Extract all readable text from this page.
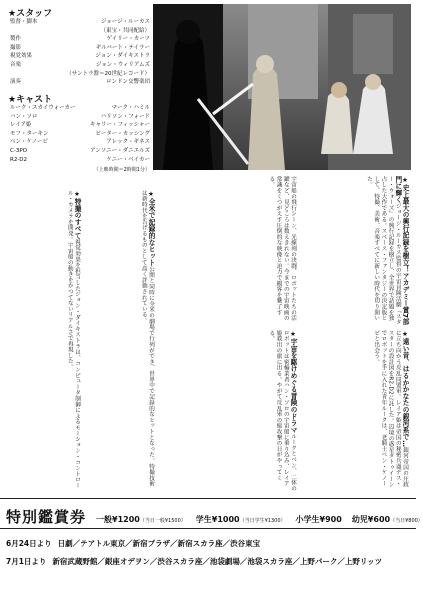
★スタッフ
監督・脚本	ジョージ・ルーカス
（東宝・共同配給）
製作	ゲイリー・カーツ
撮影	ギルバート・テイラー
視覚効果	ジョン・ダイキストラ
音楽	ジョン・ウィリアムズ
（サントラ盤＝20世紀レコード）
演奏	ロンドン交響楽団
★キャスト
ルーク・スカイウォーカー	マーク・ハミル
ハン・ソロ	ハリソン・フォード
レイア姫	キャリー・フィッシャー
モフ・ターキン	ピーター・カッシング
ベン・ケノービ	アレック・ギネス
C-3PO	アンソニー・ダニエルズ
R2-D2	ケニー・ベイカー
（上映時間＝2時間1分）
★史上最大の興行記録を樹立！アカデミー賞7部門に輝くジョージ・ルーカス監督の宇宙冒険活劇『スター・ウォーズ』の興行記録を樹立し、全世界で話題を独占した大作である。スペース・ファンタジーの決定版として、特撮、美術、音楽すべてに新しい時代を切り開いた。
宇宙船の飛行シーン、光線剣の決闘、ロボットたちの活躍など、見どころは数えきれない。今までの宇宙映画の常識をくつがえす圧倒的な映像と迫力で観客を魅了する。
★遠い昔、はるかかなたの銀河系で…銀河帝国の圧政に立ち向かう反乱同盟軍。レイア姫は帝国の秘密兵器デス・スターの設計図をR2-D2に託した。辺境の惑星タトゥイーンでロボットを手に入れた青年ルークは、老騎士ベン・ケノービと出会う。
★宇宙を駆けめぐる冒険のドラマルークとベン、二体のロボットは密輸業者ハン・ソロの宇宙船に乗り込み、レイア姫救出の旅に出る。やがて反乱軍の総攻撃の日がやってくる。
★全米で記録的なヒット公開と同時に全米の劇場で行列ができ、世界中で記録的なヒットとなった。特撮技術は新時代を告げるものとして高く評価されている。
★特撮のすべて視覚効果を担当したジョン・ダイキストラは、コンピュータ制御によるモーション・コントロール・カメラを開発。宇宙船の動きをかつてないリアルさで再現した。
特別鑑賞券 一般¥1200（当日一般¥1500） 学生¥1000（当日学生¥1300） 小学生¥900 幼児¥600（当日¥800）
6月24日より 日劇／テアトル東京／新宿プラザ／新宿スカラ座／渋谷東宝
7月1日より 新宿武蔵野館／銀座オデヲン／渋谷スカラ座／池袋劇場／池袋スカラ座／上野パーク／上野リッツ
